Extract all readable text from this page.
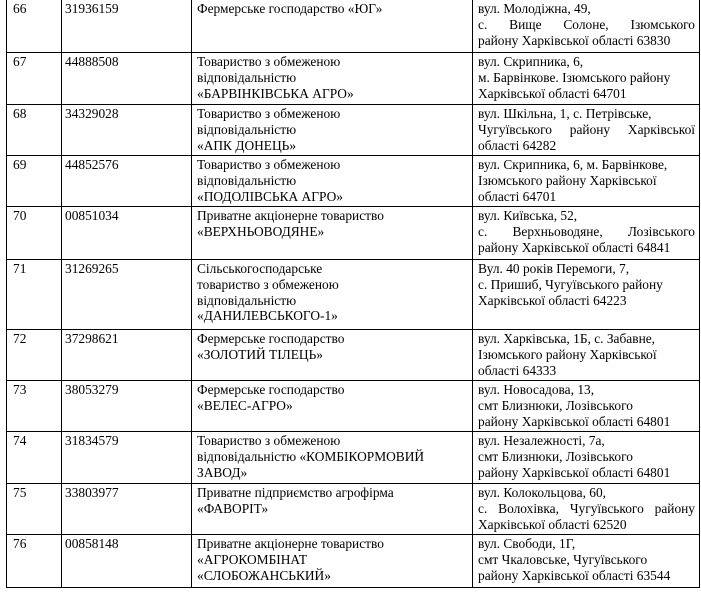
66	31936159	Фермерське господарство «ЮГ»	вул. Молодіжна, 49,
с. Вище Солоне, Ізюмського
району Харківської області 63830

67	44888508	Товариство з обмеженою
відповідальністю
«БАРВІНКІВСЬКА АГРО»	вул. Скрипника, 6,
м. Барвінкове. Ізюмського району
Харківської області 64701

68	34329028	Товариство з обмеженою
відповідальністю
«АПК ДОНЕЦЬ»	вул. Шкільна, 1, с. Петрівське,
Чугуївського району Харківської
області 64282

69	44852576	Товариство з обмеженою
відповідальністю
«ПОДОЛІВСЬКА АГРО»	вул. Скрипника, 6, м. Барвінкове,
Ізюмського району Харківської
області 64701

70	00851034	Приватне акціонерне товариство
«ВЕРХНЬОВОДЯНЕ»	вул. Київська, 52,
с. Верхньоводяне, Лозівського
району Харківської області 64841

71	31269265	Сільськогосподарське
товариство з обмеженою
відповідальністю
«ДАНИЛЕВСЬКОГО-1»	Вул. 40 років Перемоги, 7,
с. Пришиб, Чугуївського району
Харківської області 64223

72	37298621	Фермерське господарство
«ЗОЛОТИЙ ТІЛЕЦЬ»	вул. Харківська, 1Б, с. Забавне,
Ізюмського району Харківської
області 64333

73	38053279	Фермерське господарство
«ВЕЛЕС-АГРО»	вул. Новосадова, 13,
смт Близнюки, Лозівського
району Харківської області 64801

74	31834579	Товариство з обмеженою
відповідальністю «КОМБІКОРМОВИЙ
ЗАВОД»	вул. Незалежності, 7а,
смт Близнюки, Лозівського
району Харківської області 64801

75	33803977	Приватне підприємство агрофірма
«ФАВОРІТ»	вул. Колокольцова, 60,
с. Волохівка, Чугуївського району
Харківської області 62520

76	00858148	Приватне акціонерне товариство
«АГРОКОМБІНАТ
«СЛОБОЖАНСЬКИЙ»	вул. Свободи, 1Г,
смт Чкаловське, Чугуївського
району Харківської області 63544
